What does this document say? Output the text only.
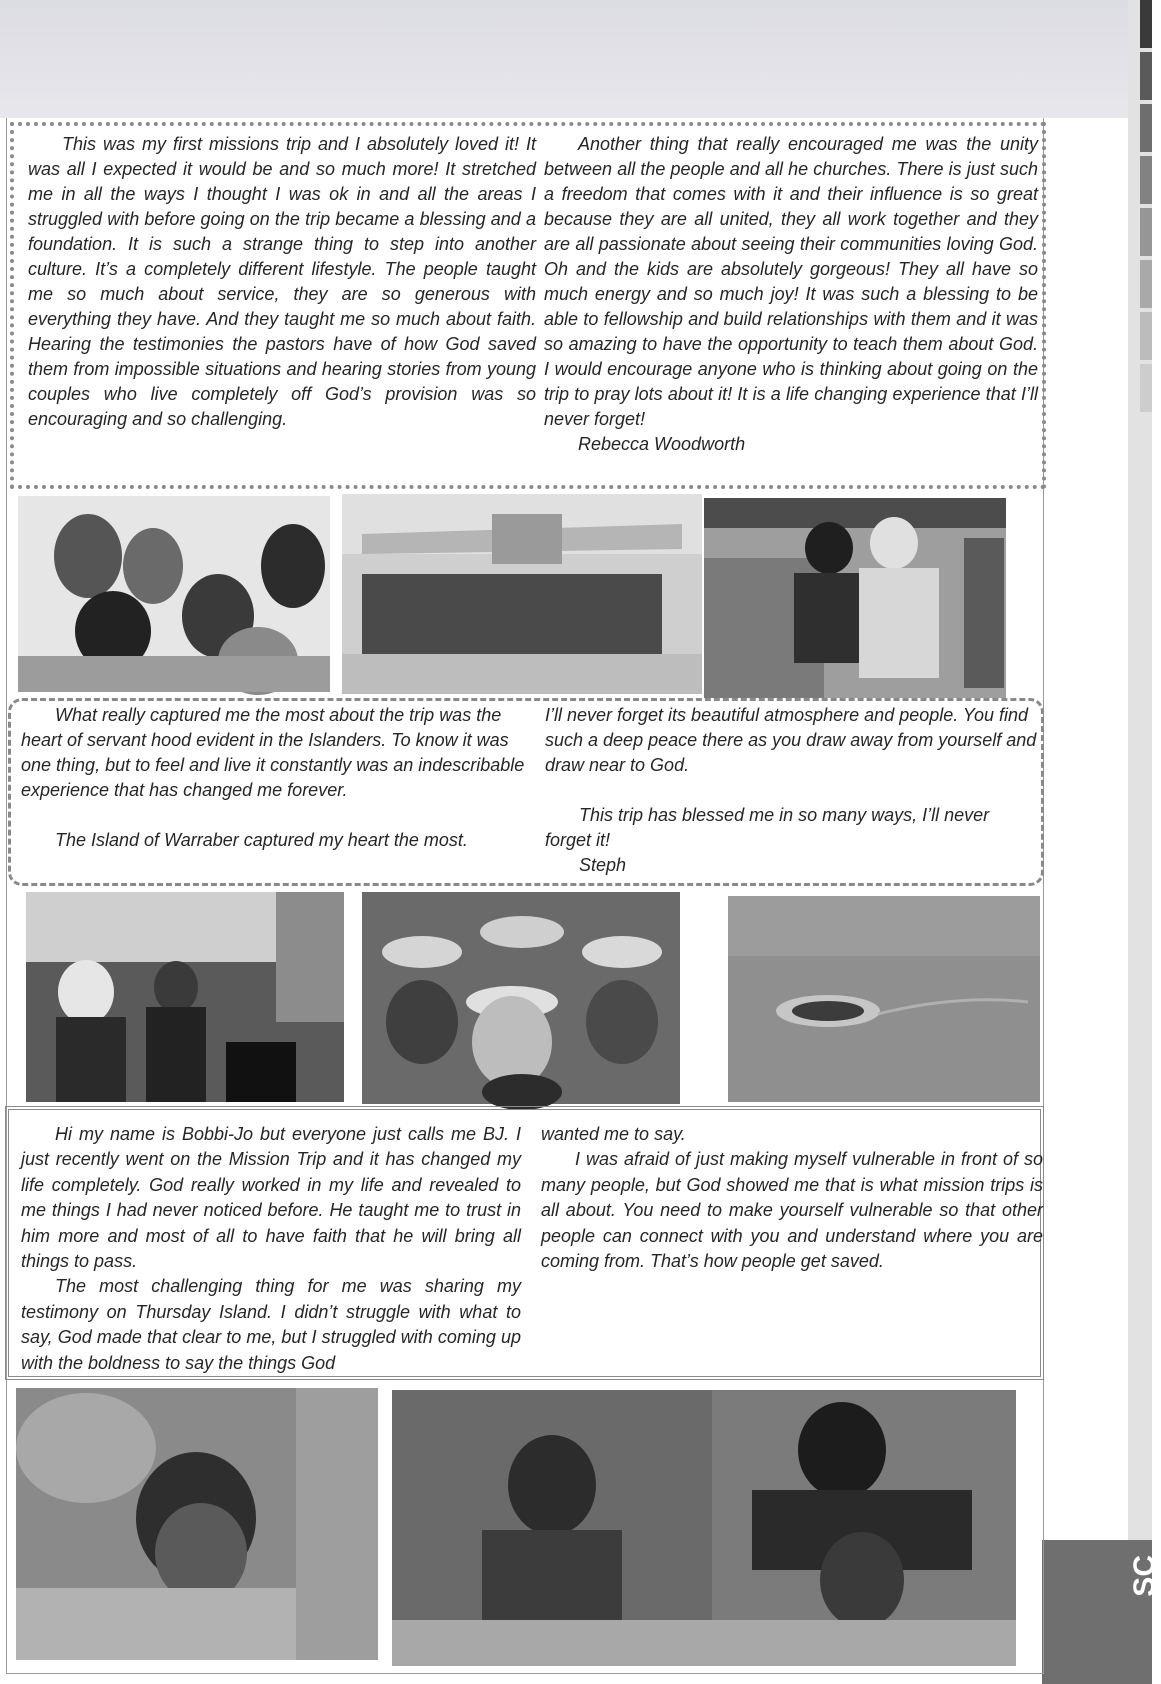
SC

This was my first missions trip and I absolutely loved it! It was all I expected it would be and so much more! It stretched me in all the ways I thought I was ok in and all the areas I struggled with before going on the trip became a blessing and a foundation. It is such a strange thing to step into another culture. It’s a completely different lifestyle. The people taught me so much about service, they are so generous with everything they have. And they taught me so much about faith. Hearing the testimonies the pastors have of how God saved them from impossible situations and hearing stories from young couples who live completely off God’s provision was so encouraging and so challenging.

Another thing that really encouraged me was the unity between all the people and all he churches. There is just such a freedom that comes with it and their influence is so great because they are all united, they all work together and they are all passionate about seeing their communities loving God. Oh and the kids are absolutely gorgeous! They all have so much energy and so much joy! It was such a blessing to be able to fellowship and build relationships with them and it was so amazing to have the opportunity to teach them about God. I would encourage anyone who is thinking about going on the trip to pray lots about it! It is a life changing experience that I’ll never forget!

Rebecca Woodworth

What really captured me the most about the trip was the heart of servant hood evident in the Islanders. To know it was one thing, but to feel and live it constantly was an indescribable experience that has changed me forever.

The Island of Warraber captured my heart the most.

I’ll never forget its beautiful atmosphere and people. You find such a deep peace there as you draw away from yourself and draw near to God.

This trip has blessed me in so many ways, I’ll never forget it!

Steph

Hi my name is Bobbi-Jo but everyone just calls me BJ. I just recently went on the Mission Trip and it has changed my life completely. God really worked in my life and revealed to me things I had never noticed before. He taught me to trust in him more and most of all to have faith that he will bring all things to pass.

The most challenging thing for me was sharing my testimony on Thursday Island. I didn’t struggle with what to say, God made that clear to me, but I struggled with coming up with the boldness to say the things God

wanted me to say.

I was afraid of just making myself vulnerable in front of so many people, but God showed me that is what mission trips is all about. You need to make yourself vulnerable so that other people can connect with you and understand where you are coming from. That’s how people get saved.
